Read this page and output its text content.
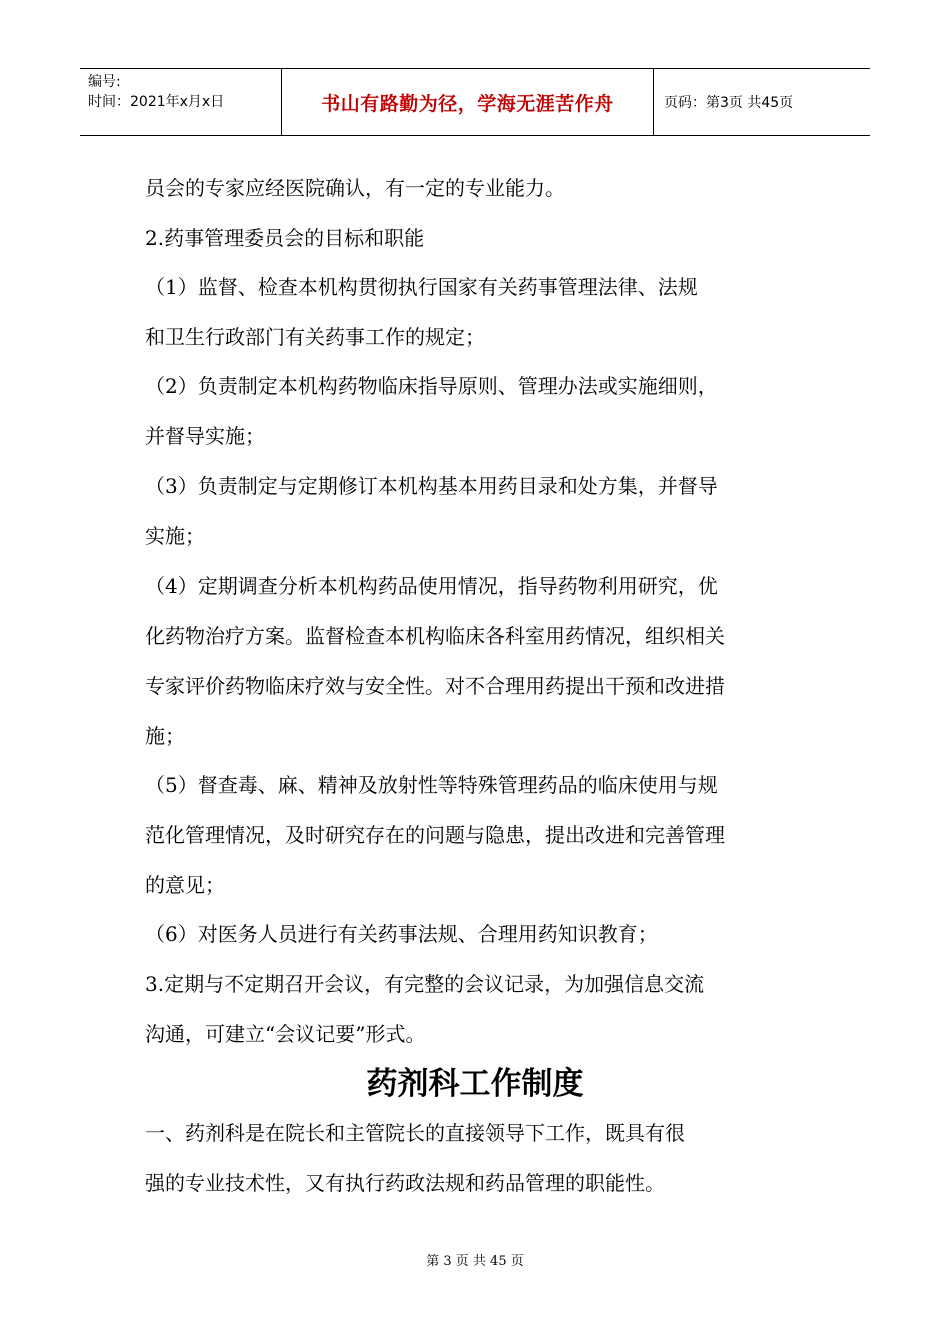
编号:
时间：2021年x月x日	书山有路勤为径，学海无涯苦作舟	页码：第3页 共45页

员会的专家应经医院确认，有一定的专业能力。

2.药事管理委员会的目标和职能

（1）监督、检查本机构贯彻执行国家有关药事管理法律、法规

和卫生行政部门有关药事工作的规定；

（2）负责制定本机构药物临床指导原则、管理办法或实施细则，

并督导实施；

（3）负责制定与定期修订本机构基本用药目录和处方集，并督导

实施；

（4）定期调查分析本机构药品使用情况，指导药物利用研究，优

化药物治疗方案。监督检查本机构临床各科室用药情况，组织相关

专家评价药物临床疗效与安全性。对不合理用药提出干预和改进措

施；

（5）督查毒、麻、精神及放射性等特殊管理药品的临床使用与规

范化管理情况，及时研究存在的问题与隐患，提出改进和完善管理

的意见；

（6）对医务人员进行有关药事法规、合理用药知识教育；

3.定期与不定期召开会议，有完整的会议记录，为加强信息交流

沟通，可建立“会议记要”形式。

药剂科工作制度

一、药剂科是在院长和主管院长的直接领导下工作，既具有很

强的专业技术性，又有执行药政法规和药品管理的职能性。

第 3 页 共 45 页
